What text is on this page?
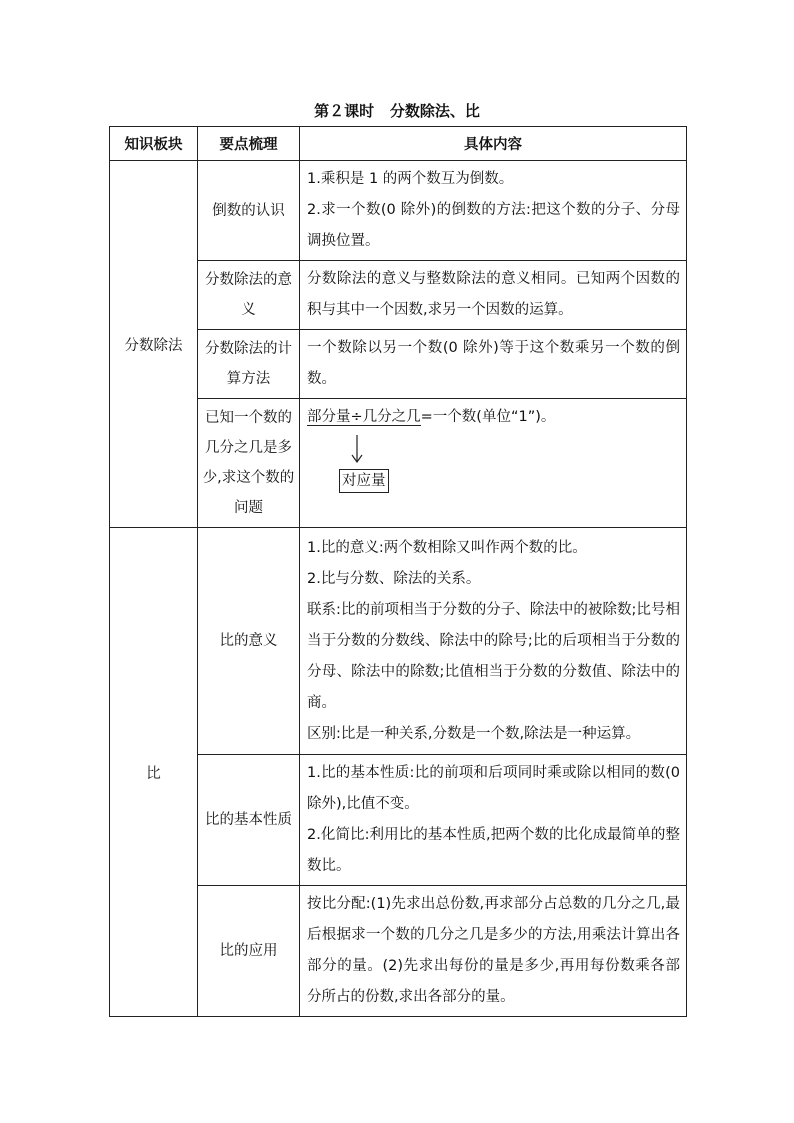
第２课时 分数除法、比
知识板块	要点梳理	具体内容
分数除法	倒数的认识	1.乘积是 1 的两个数互为倒数。

2.求一个数(0 除外)的倒数的方法:把这个数的分子、分母调换位置。

	分数除法的意义	分数除法的意义与整数除法的意义相同。已知两个因数的积与其中一个因数,求另一个因数的运算。

	分数除法的计算方法	一个数除以另一个数(0 除外)等于这个数乘另一个数的倒数。

	已知一个数的几分之几是多少,求这个数的问题	部分量÷几分之几=一个数(单位“1”)。

对应量

比	比的意义	1.比的意义:两个数相除又叫作两个数的比。

2.比与分数、除法的关系。

联系:比的前项相当于分数的分子、除法中的被除数;比号相当于分数的分数线、除法中的除号;比的后项相当于分数的分母、除法中的除数;比值相当于分数的分数值、除法中的商。

区别:比是一种关系,分数是一个数,除法是一种运算。

	比的基本性质	1.比的基本性质:比的前项和后项同时乘或除以相同的数(0 除外),比值不变。

2.化简比:利用比的基本性质,把两个数的比化成最简单的整数比。

	比的应用	按比分配:(1)先求出总份数,再求部分占总数的几分之几,最后根据求一个数的几分之几是多少的方法,用乘法计算出各部分的量。(2)先求出每份的量是多少,再用每份数乘各部分所占的份数,求出各部分的量。
